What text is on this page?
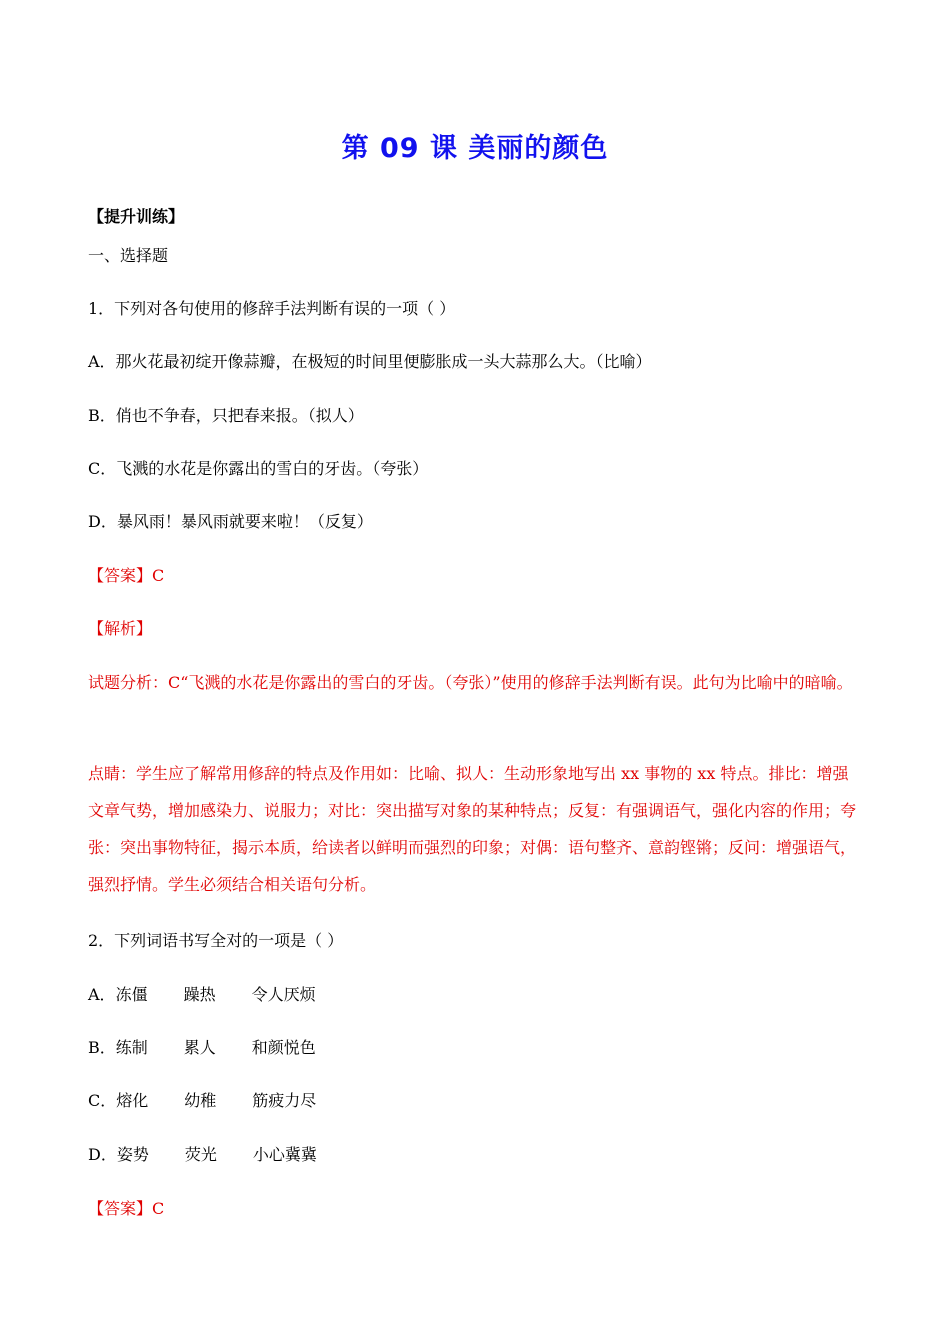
第 09 课 美丽的颜色
【提升训练】
一、选择题
1．下列对各句使用的修辞手法判断有误的一项（ ）
A．那火花最初绽开像蒜瓣，在极短的时间里便膨胀成一头大蒜那么大。（比喻）
B．俏也不争春，只把春来报。（拟人）
C．飞溅的水花是你露出的雪白的牙齿。（夸张）
D．暴风雨！暴风雨就要来啦！（反复）
【答案】C
【解析】
试题分析：C“飞溅的水花是你露出的雪白的牙齿。（夸张）”使用的修辞手法判断有误。此句为比喻中的暗喻。
点睛：学生应了解常用修辞的特点及作用如：比喻、拟人：生动形象地写出 xx 事物的 xx 特点。排比：增强文章气势，增加感染力、说服力；对比：突出描写对象的某种特点；反复：有强调语气，强化内容的作用；夸张：突出事物特征，揭示本质，给读者以鲜明而强烈的印象；对偶：语句整齐、意韵铿锵；反问：增强语气，强烈抒情。学生必须结合相关语句分析。
2．下列词语书写全对的一项是（ ）
A．冻僵 躁热 令人厌烦
B．练制 累人 和颜悦色
C．熔化 幼稚 筋疲力尽
D．姿势 荧光 小心冀冀
【答案】C
